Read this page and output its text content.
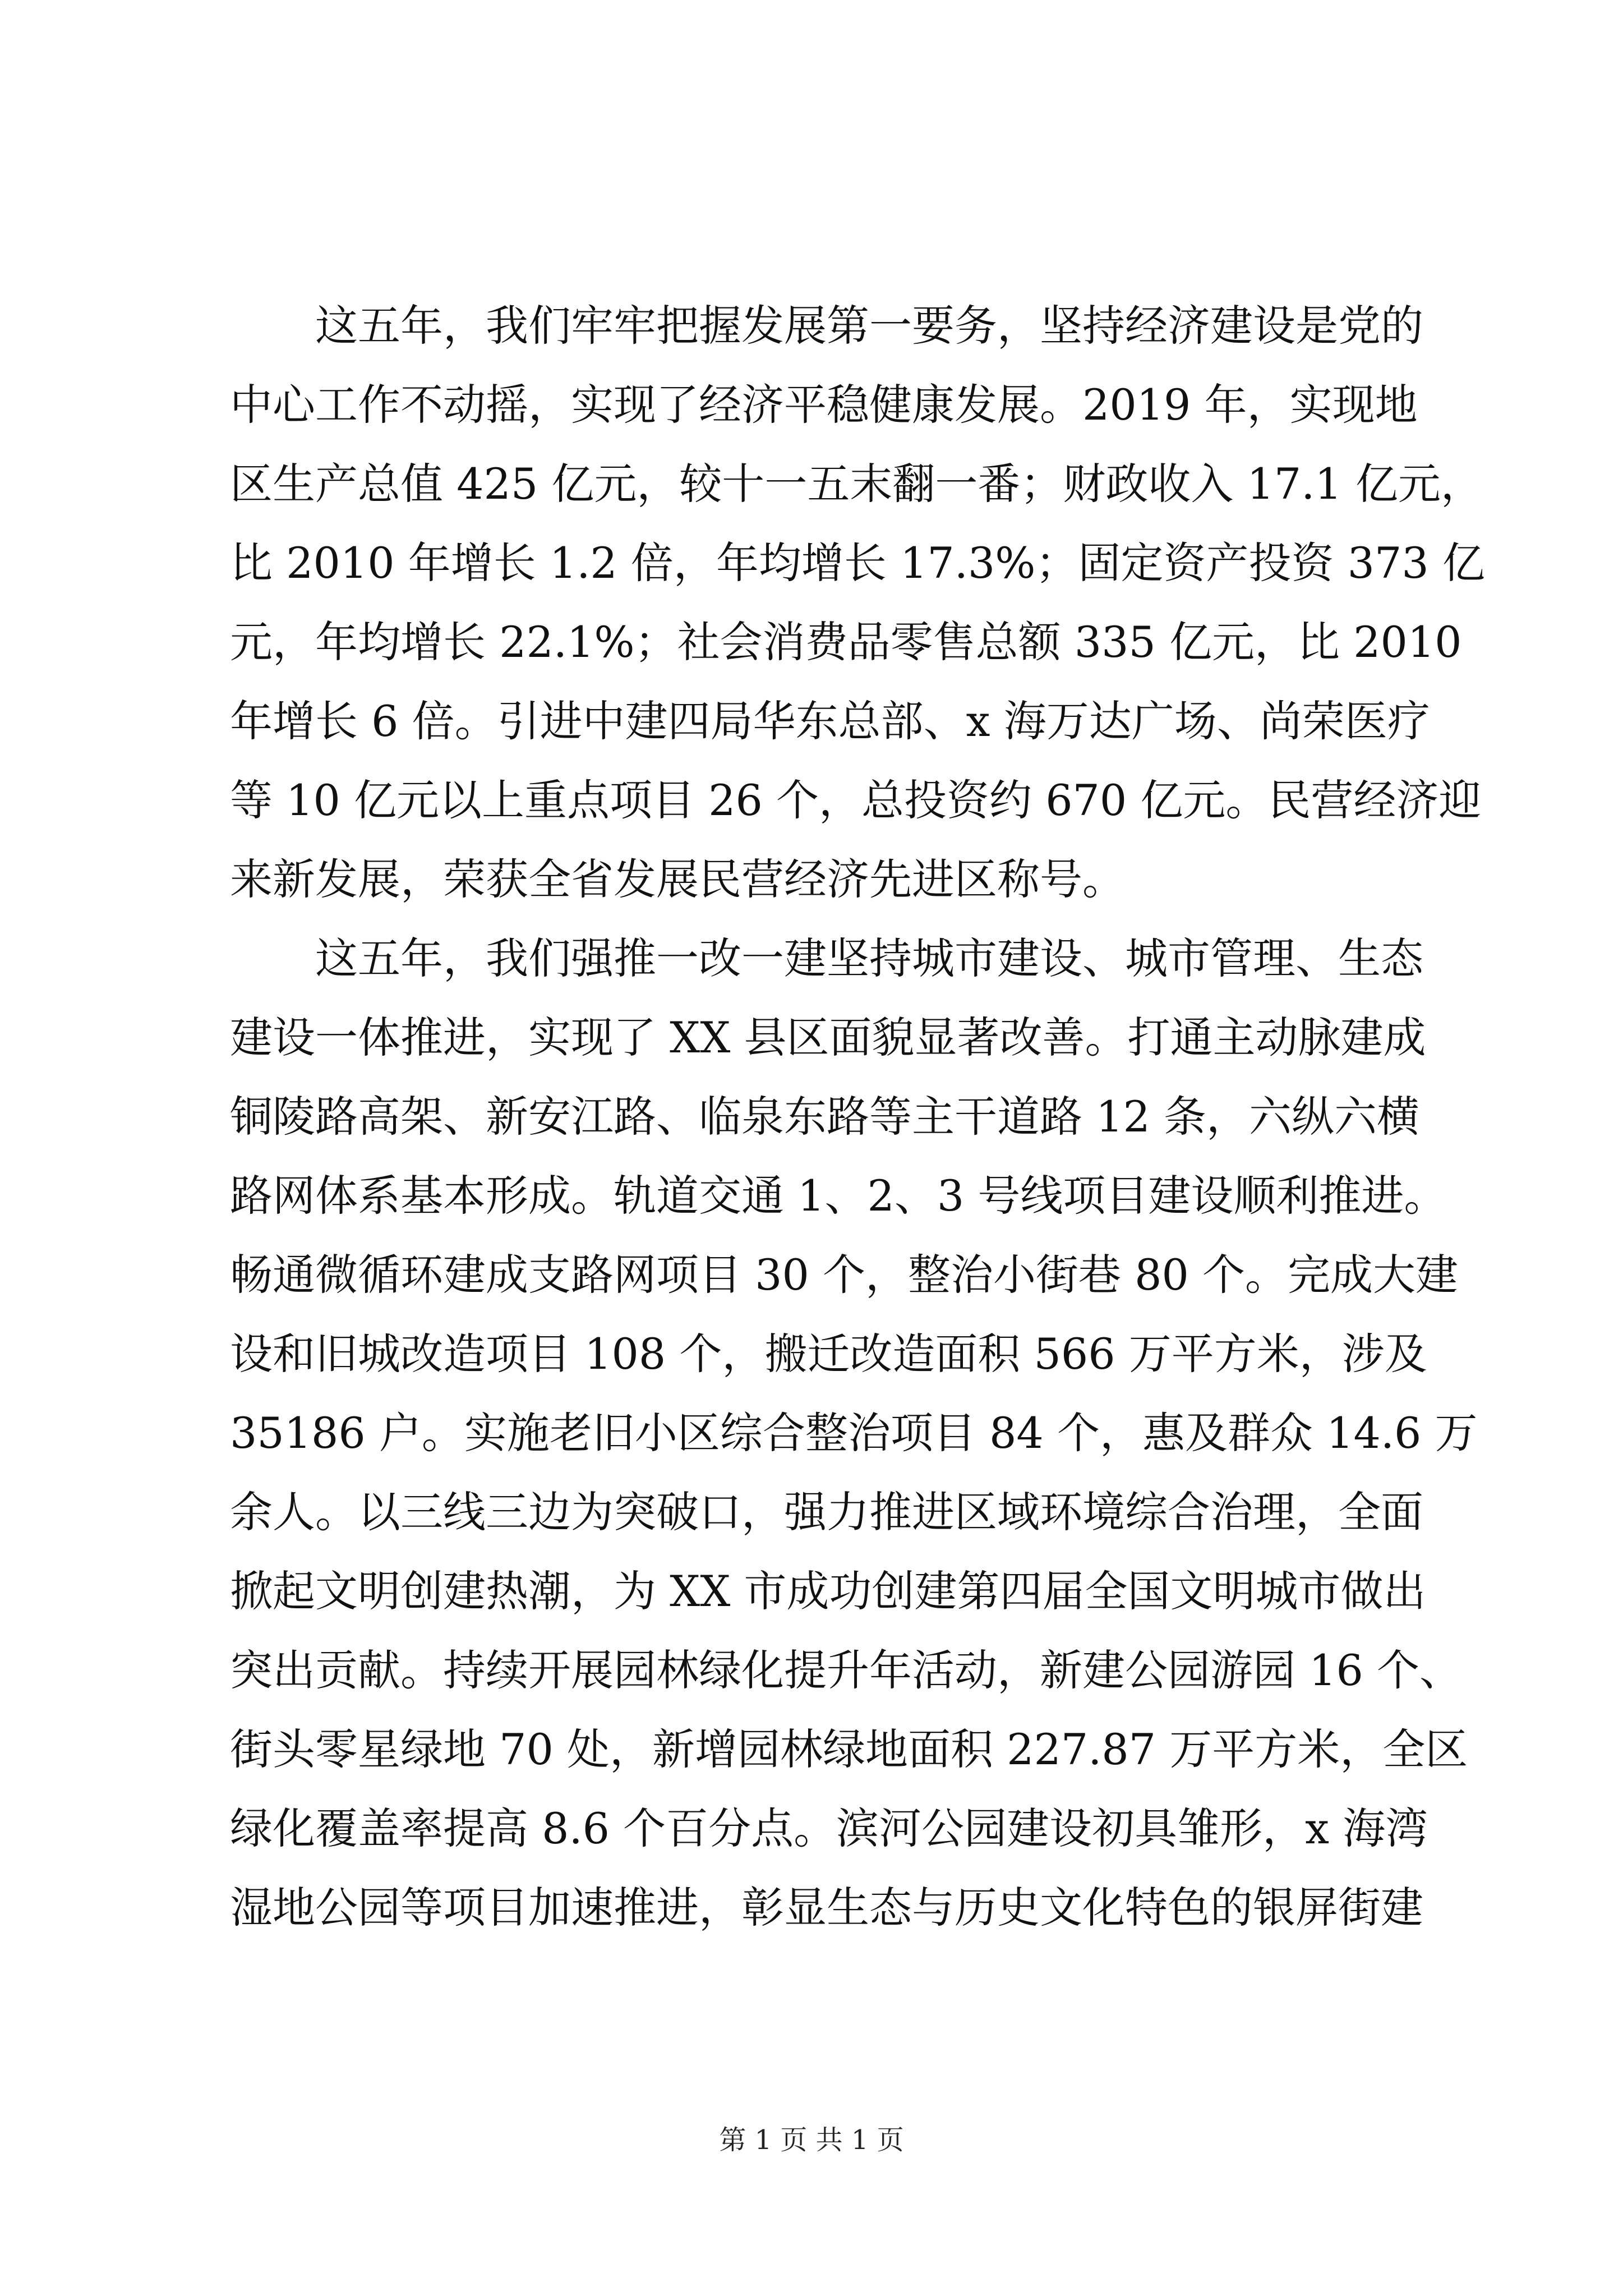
　　这五年，我们牢牢把握发展第一要务，坚持经济建设是党的
中心工作不动摇，实现了经济平稳健康发展。2019 年，实现地
区生产总值 425 亿元，较十一五末翻一番；财政收入 17.1 亿元，
比 2010 年增长 1.2 倍，年均增长 17.3%；固定资产投资 373 亿
元，年均增长 22.1%；社会消费品零售总额 335 亿元，比 2010
年增长 6 倍。引进中建四局华东总部、x 海万达广场、尚荣医疗
等 10 亿元以上重点项目 26 个，总投资约 670 亿元。民营经济迎
来新发展，荣获全省发展民营经济先进区称号。
　　这五年，我们强推一改一建坚持城市建设、城市管理、生态
建设一体推进，实现了 XX 县区面貌显著改善。打通主动脉建成
铜陵路高架、新安江路、临泉东路等主干道路 12 条，六纵六横
路网体系基本形成。轨道交通 1、2、3 号线项目建设顺利推进。
畅通微循环建成支路网项目 30 个，整治小街巷 80 个。完成大建
设和旧城改造项目 108 个，搬迁改造面积 566 万平方米，涉及
35186 户。实施老旧小区综合整治项目 84 个，惠及群众 14.6 万
余人。以三线三边为突破口，强力推进区域环境综合治理，全面
掀起文明创建热潮，为 XX 市成功创建第四届全国文明城市做出
突出贡献。持续开展园林绿化提升年活动，新建公园游园 16 个、
街头零星绿地 70 处，新增园林绿地面积 227.87 万平方米，全区
绿化覆盖率提高 8.6 个百分点。滨河公园建设初具雏形，x 海湾
湿地公园等项目加速推进，彰显生态与历史文化特色的银屏街建
第 1 页 共 1 页
